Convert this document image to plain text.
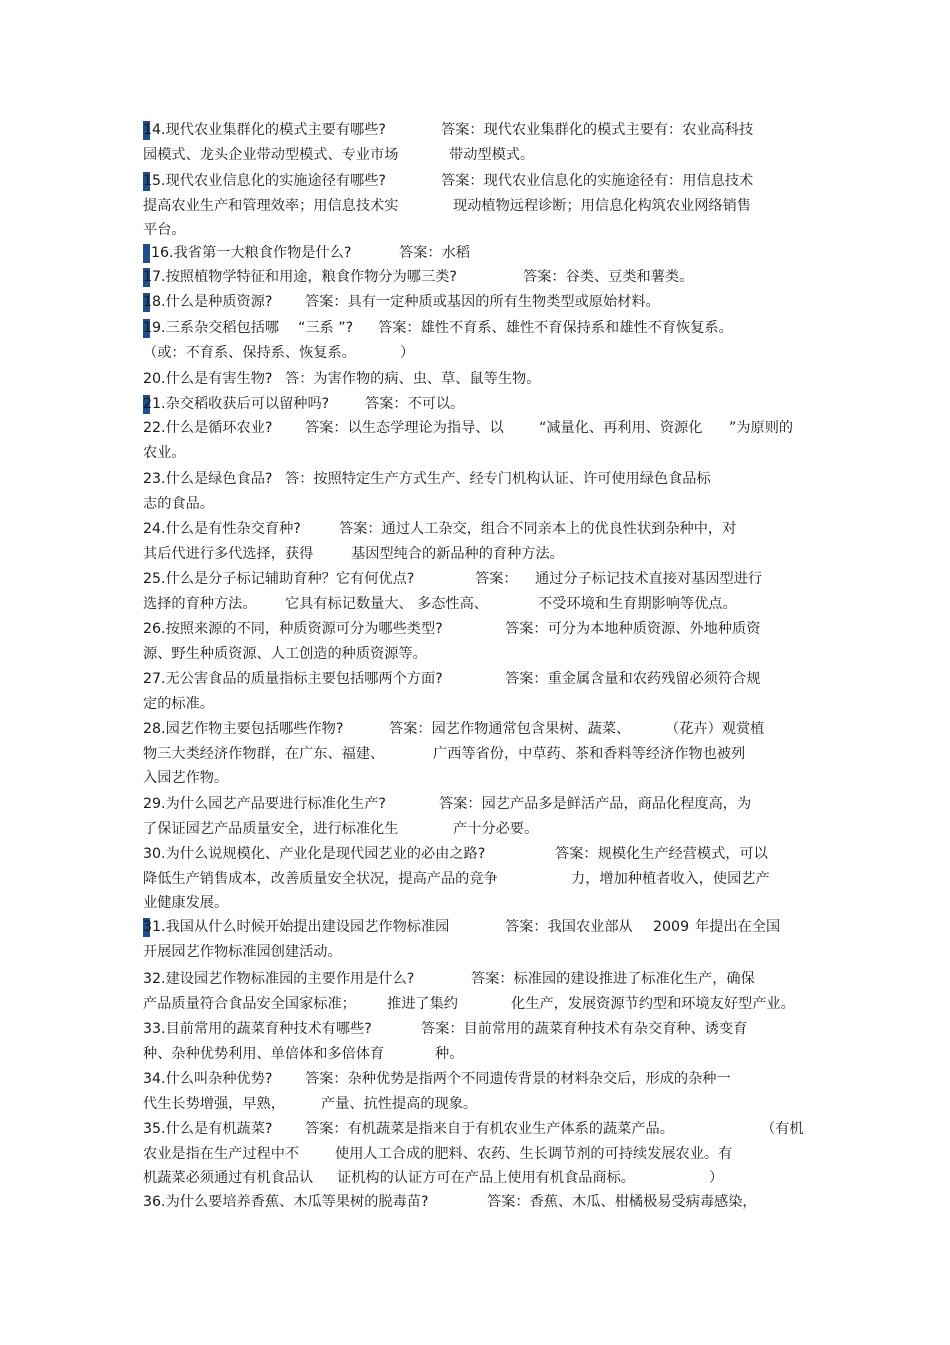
14.现代农业集群化的模式主要有哪些?	答案：现代农业集群化的模式主要有：农业高科技
园模式、龙头企业带动型模式、专业市场	带动型模式。
15.现代农业信息化的实施途径有哪些?	答案：现代农业信息化的实施途径有：用信息技术
提高农业生产和管理效率；用信息技术实	现动植物远程诊断；用信息化构筑农业网络销售
平台。
16.我省第一大粮食作物是什么?	答案：水稻
17.按照植物学特征和用途，粮食作物分为哪三类?	答案：谷类、豆类和薯类。
18.什么是种质资源? 答案：具有一定种质或基因的所有生物类型或原始材料。
19.三系杂交稻包括哪 “三系 ”? 答案：雄性不育系、雄性不育保持系和雄性不育恢复系。
（或：不育系、保持系、恢复系。	）
20.什么是有害生物? 答：为害作物的病、虫、草、鼠等生物。
21.杂交稻收获后可以留种吗?	答案：不可以。
22.什么是循环农业? 答案：以生态学理论为指导、以 “减量化、再利用、资源化 ”为原则的
农业。
23.什么是绿色食品? 答：按照特定生产方式生产、经专门机构认证、许可使用绿色食品标
志的食品。
24.什么是有性杂交育种?	答案：通过人工杂交，组合不同亲本上的优良性状到杂种中，对
其后代进行多代选择，获得	基因型纯合的新品种的育种方法。
25.什么是分子标记辅助育种？它有何优点?	答案： 通过分子标记技术直接对基因型进行
选择的育种方法。 它具有标记数量大、 多态性高、	不受环境和生育期影响等优点。
26.按照来源的不同，种质资源可分为哪些类型?	答案：可分为本地种质资源、外地种质资
源、野生种质资源、人工创造的种质资源等。
27.无公害食品的质量指标主要包括哪两个方面?	答案：重金属含量和农药残留必须符合规
定的标准。
28.园艺作物主要包括哪些作物?	答案：园艺作物通常包含果树、蔬菜、 （花卉）观赏植
物三大类经济作物群，在广东、福建、	广西等省份，中草药、茶和香料等经济作物也被列
入园艺作物。
29.为什么园艺产品要进行标准化生产?	答案：园艺产品多是鲜活产品，商品化程度高，为
了保证园艺产品质量安全，进行标准化生	产十分必要。
30.为什么说规模化、产业化是现代园艺业的必由之路?	答案：规模化生产经营模式，可以
降低生产销售成本，改善质量安全状况，提高产品的竞争	力，增加种植者收入，使园艺产
业健康发展。
31.我国从什么时候开始提出建设园艺作物标准园	答案：我国农业部从 2009 年提出在全国
开展园艺作物标准园创建活动。
32.建设园艺作物标准园的主要作用是什么?	答案：标准园的建设推进了标准化生产，确保
产品质量符合食品安全国家标准； 推进了集约	化生产，发展资源节约型和环境友好型产业。
33.目前常用的蔬菜育种技术有哪些?	答案：目前常用的蔬菜育种技术有杂交育种、诱变育
种、杂种优势利用、单倍体和多倍体育	种。
34.什么叫杂种优势? 答案：杂种优势是指两个不同遗传背景的材料杂交后，形成的杂种一
代生长势增强，早熟，	产量、抗性提高的现象。
35.什么是有机蔬菜? 答案：有机蔬菜是指来自于有机农业生产体系的蔬菜产品。	（有机
农业是指在生产过程中不	使用人工合成的肥料、农药、生长调节剂的可持续发展农业。有
机蔬菜必须通过有机食品认 证机构的认证方可在产品上使用有机食品商标。	）
36.为什么要培养香蕉、木瓜等果树的脱毒苗?	答案：香蕉、木瓜、柑橘极易受病毒感染，
